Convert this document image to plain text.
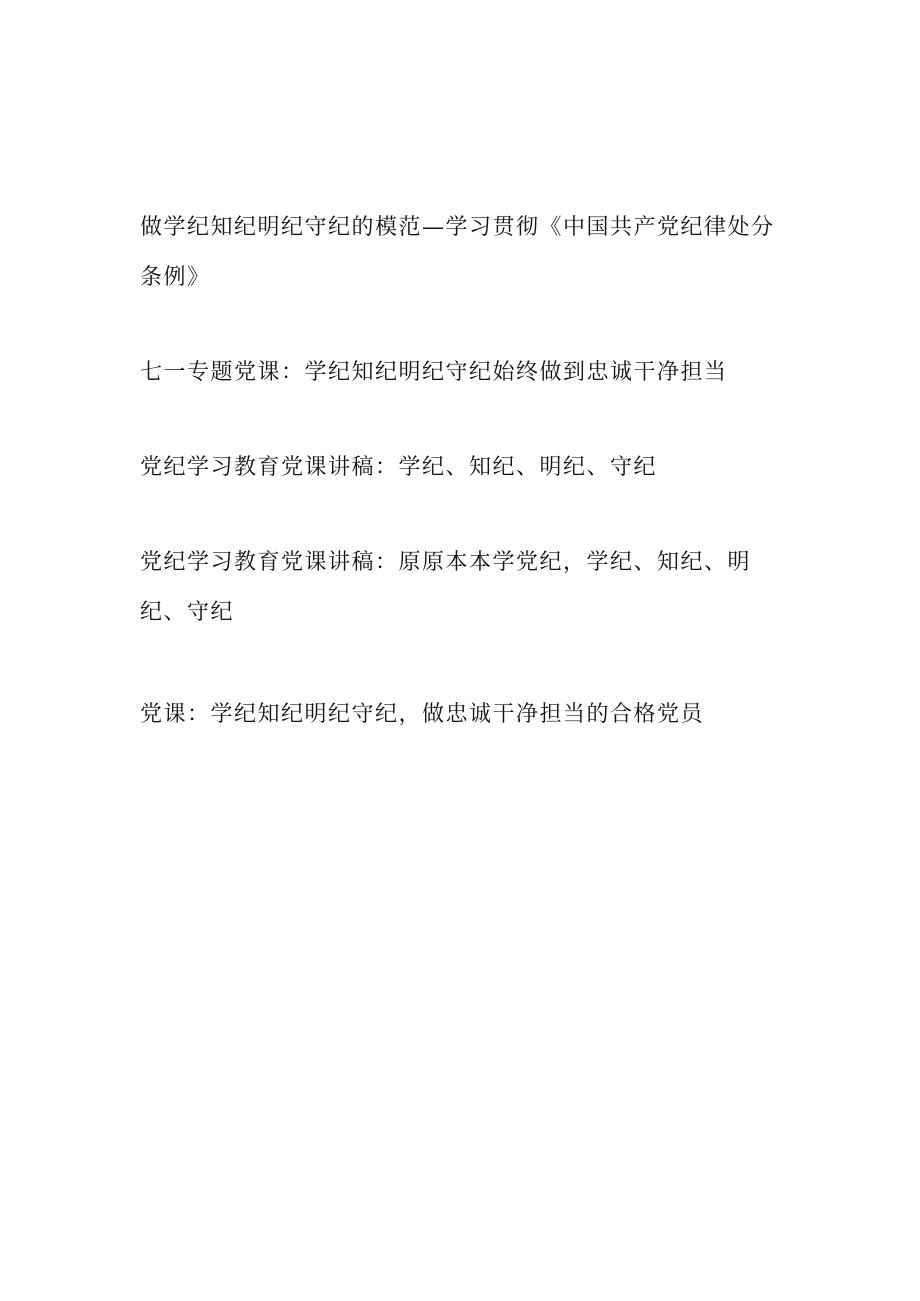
做学纪知纪明纪守纪的模范—学习贯彻《中国共产党纪律处分条例》

七一专题党课：学纪知纪明纪守纪始终做到忠诚干净担当

党纪学习教育党课讲稿：学纪、知纪、明纪、守纪

党纪学习教育党课讲稿：原原本本学党纪，学纪、知纪、明纪、守纪

党课：学纪知纪明纪守纪，做忠诚干净担当的合格党员
